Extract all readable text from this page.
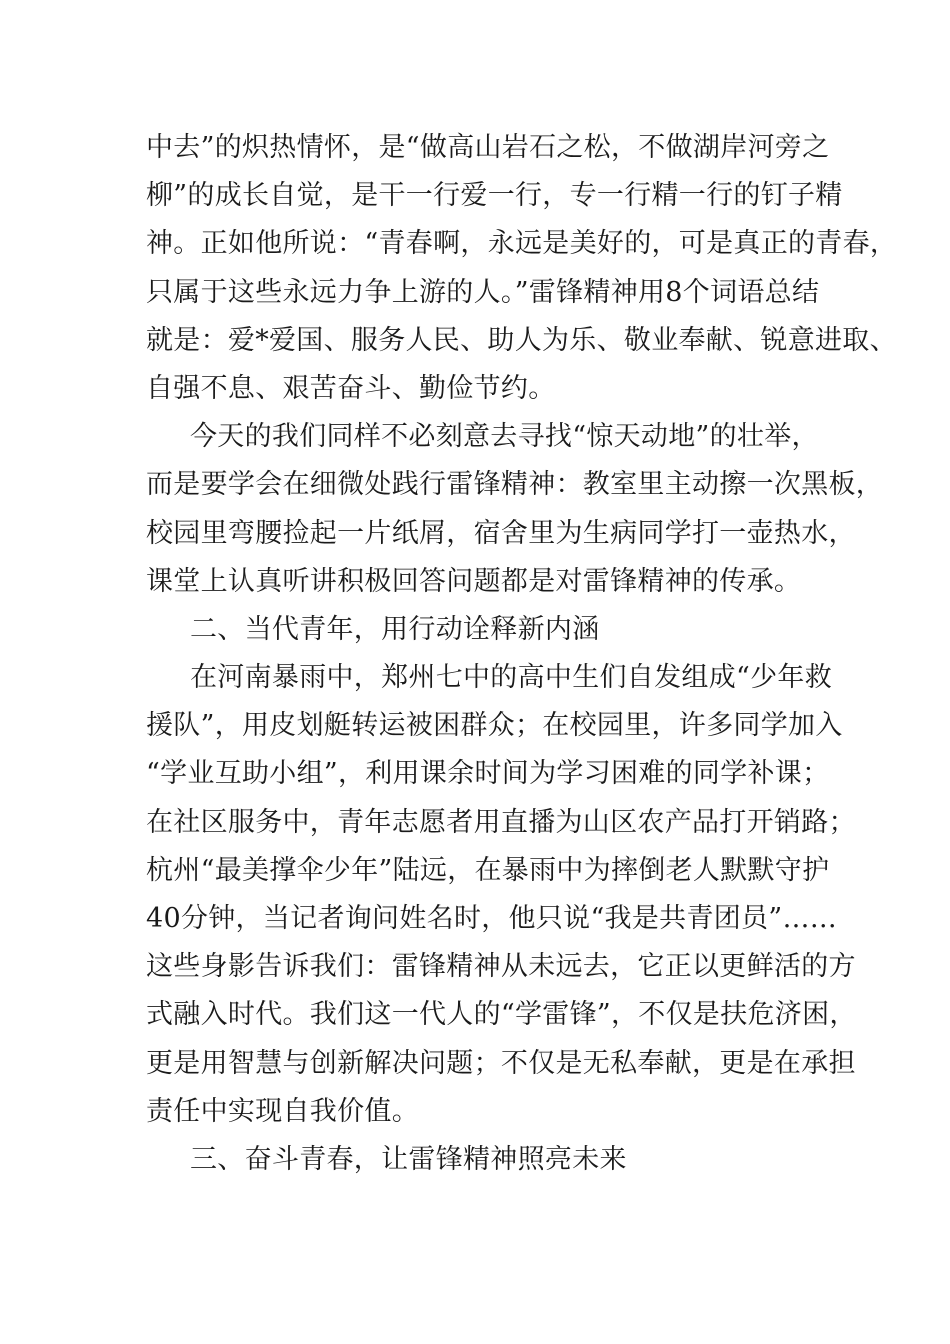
中去”的炽热情怀，是“做高山岩石之松，不做湖岸河旁之
柳”的成长自觉，是干一行爱一行，专一行精一行的钉子精
神。正如他所说：“青春啊，永远是美好的，可是真正的青春，
只属于这些永远力争上游的人。”雷锋精神用8个词语总结
就是：爱*爱国、服务人民、助人为乐、敬业奉献、锐意进取、
自强不息、艰苦奋斗、勤俭节约。
今天的我们同样不必刻意去寻找“惊天动地”的壮举，
而是要学会在细微处践行雷锋精神：教室里主动擦一次黑板，
校园里弯腰捡起一片纸屑，宿舍里为生病同学打一壶热水，
课堂上认真听讲积极回答问题都是对雷锋精神的传承。
二、当代青年，用行动诠释新内涵
在河南暴雨中，郑州七中的高中生们自发组成“少年救
援队”，用皮划艇转运被困群众；在校园里，许多同学加入
“学业互助小组”，利用课余时间为学习困难的同学补课；
在社区服务中，青年志愿者用直播为山区农产品打开销路；
杭州“最美撑伞少年”陆远，在暴雨中为摔倒老人默默守护
40分钟，当记者询问姓名时，他只说“我是共青团员”……
这些身影告诉我们：雷锋精神从未远去，它正以更鲜活的方
式融入时代。我们这一代人的“学雷锋”，不仅是扶危济困，
更是用智慧与创新解决问题；不仅是无私奉献，更是在承担
责任中实现自我价值。
三、奋斗青春，让雷锋精神照亮未来
